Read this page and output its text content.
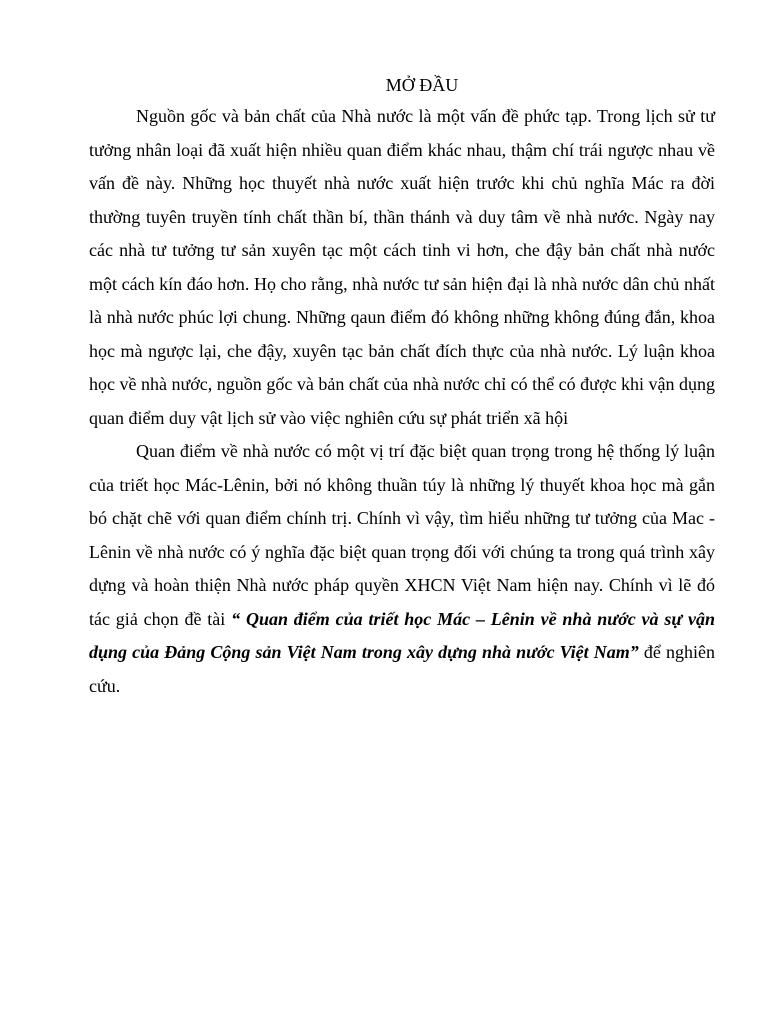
MỞ ĐẦU

Nguồn gốc và bản chất của Nhà nước là một vấn đề phức tạp. Trong lịch sử tư tưởng nhân loại đã xuất hiện nhiều quan điểm khác nhau, thậm chí trái ngược nhau về vấn đề này. Những học thuyết nhà nước xuất hiện trước khi chủ nghĩa Mác ra đời thường tuyên truyền tính chất thần bí, thần thánh và duy tâm về nhà nước. Ngày nay các nhà tư tưởng tư sản xuyên tạc một cách tinh vi hơn, che đậy bản chất nhà nước một cách kín đáo hơn. Họ cho rằng, nhà nước tư sản hiện đại là nhà nước dân chủ nhất là nhà nước phúc lợi chung. Những qaun điểm đó không những không đúng đắn, khoa học mà ngược lại, che đậy, xuyên tạc bản chất đích thực của nhà nước. Lý luận khoa học về nhà nước, nguồn gốc và bản chất của nhà nước chỉ có thể có được khi vận dụng quan điểm duy vật lịch sử vào việc nghiên cứu sự phát triển xã hội

Quan điểm về nhà nước có một vị trí đặc biệt quan trọng trong hệ thống lý luận của triết học Mác-Lênin, bởi nó không thuần túy là những lý thuyết khoa học mà gắn bó chặt chẽ với quan điểm chính trị. Chính vì vậy, tìm hiểu những tư tưởng của Mac - Lênin về nhà nước có ý nghĩa đặc biệt quan trọng đối với chúng ta trong quá trình xây dựng và hoàn thiện Nhà nước pháp quyền XHCN Việt Nam hiện nay. Chính vì lẽ đó tác giả chọn đề tài “ Quan điểm của triết học Mác – Lênin về nhà nước và sự vận dụng của Đảng Cộng sản Việt Nam trong xây dựng nhà nước Việt Nam” để nghiên cứu.
